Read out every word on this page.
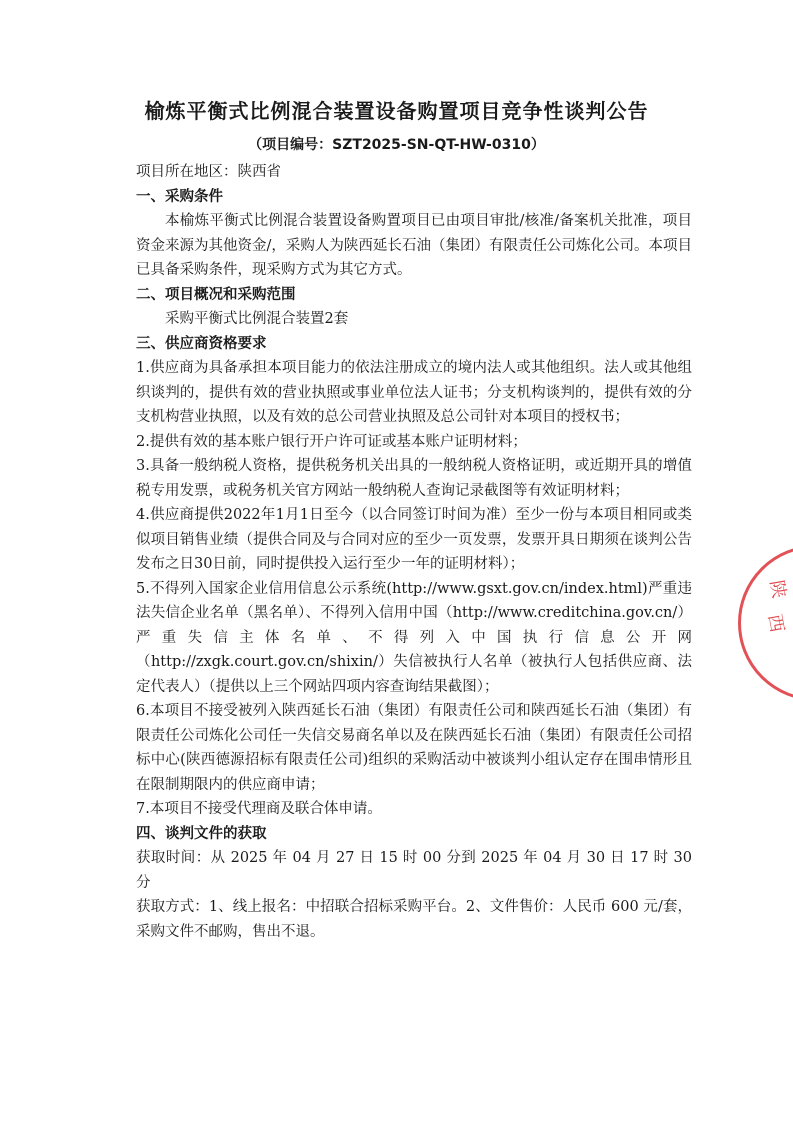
榆炼平衡式比例混合装置设备购置项目竞争性谈判公告
（项目编号：SZT2025-SN-QT-HW-0310）

项目所在地区：陕西省

一、采购条件

本榆炼平衡式比例混合装置设备购置项目已由项目审批/核准/备案机关批准，项目资金来源为其他资金/，采购人为陕西延长石油（集团）有限责任公司炼化公司。本项目已具备采购条件，现采购方式为其它方式。

二、项目概况和采购范围

采购平衡式比例混合装置2套

三、供应商资格要求

1.供应商为具备承担本项目能力的依法注册成立的境内法人或其他组织。法人或其他组织谈判的，提供有效的营业执照或事业单位法人证书；分支机构谈判的，提供有效的分支机构营业执照，以及有效的总公司营业执照及总公司针对本项目的授权书；

2.提供有效的基本账户银行开户许可证或基本账户证明材料；

3.具备一般纳税人资格，提供税务机关出具的一般纳税人资格证明，或近期开具的增值税专用发票，或税务机关官方网站一般纳税人查询记录截图等有效证明材料；

4.供应商提供2022年1月1日至今（以合同签订时间为准）至少一份与本项目相同或类似项目销售业绩（提供合同及与合同对应的至少一页发票，发票开具日期须在谈判公告发布之日30日前，同时提供投入运行至少一年的证明材料）；

5.不得列入国家企业信用信息公示系统(http://www.gsxt.gov.cn/index.html)严重违法失信企业名单（黑名单）、不得列入信用中国（http://www.creditchina.gov.cn/）严重失信主体名单、不得列入中国执行信息公开网（http://zxgk.court.gov.cn/shixin/）失信被执行人名单（被执行人包括供应商、法定代表人）（提供以上三个网站四项内容查询结果截图）；

6.本项目不接受被列入陕西延长石油（集团）有限责任公司和陕西延长石油（集团）有限责任公司炼化公司任一失信交易商名单以及在陕西延长石油（集团）有限责任公司招标中心(陕西德源招标有限责任公司)组织的采购活动中被谈判小组认定存在围串情形且在限制期限内的供应商申请；

7.本项目不接受代理商及联合体申请。

四、谈判文件的获取

获取时间：从 2025 年 04 月 27 日 15 时 00 分到 2025 年 04 月 30 日 17 时 30 分

获取方式：1、线上报名：中招联合招标采购平台。2、文件售价：人民币 600 元/套，采购文件不邮购，售出不退。

陕
西
